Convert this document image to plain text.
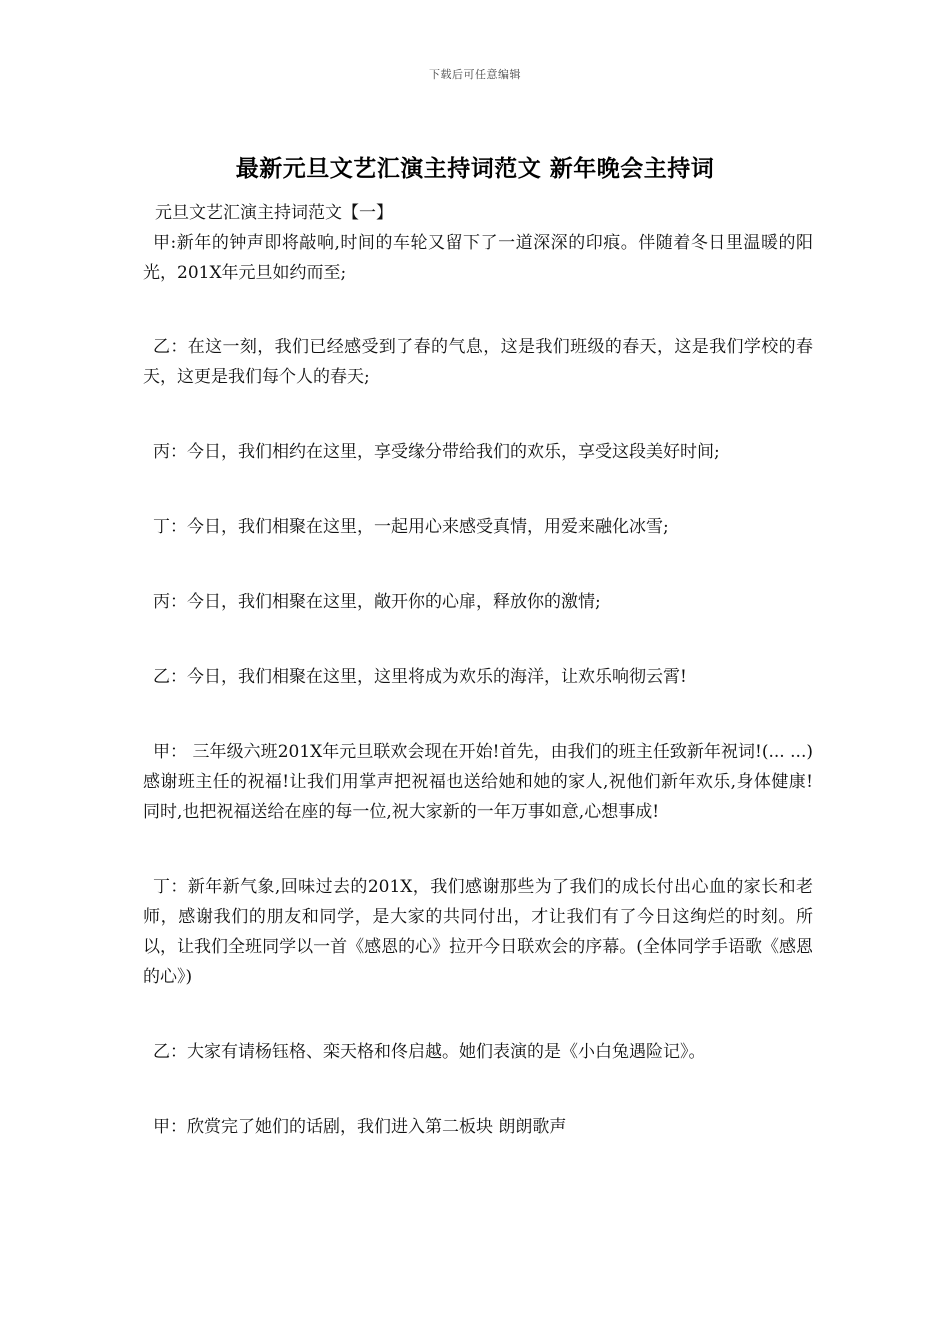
下载后可任意编辑
最新元旦文艺汇演主持词范文 新年晚会主持词

元旦文艺汇演主持词范文【一】

甲:新年的钟声即将敲响,时间的车轮又留下了一道深深的印痕。伴随着冬日里温暖的阳光，201X年元旦如约而至;

乙：在这一刻，我们已经感受到了春的气息，这是我们班级的春天，这是我们学校的春天，这更是我们每个人的春天;

丙：今日，我们相约在这里，享受缘分带给我们的欢乐，享受这段美好时间;

丁：今日，我们相聚在这里，一起用心来感受真情，用爱来融化冰雪;

丙：今日，我们相聚在这里，敞开你的心扉，释放你的激情;

乙：今日，我们相聚在这里，这里将成为欢乐的海洋，让欢乐响彻云霄!

甲： 三年级六班201X年元旦联欢会现在开始!首先，由我们的班主任致新年祝词!(... ...)感谢班主任的祝福!让我们用掌声把祝福也送给她和她的家人,祝他们新年欢乐,身体健康!同时,也把祝福送给在座的每一位,祝大家新的一年万事如意,心想事成!

丁：新年新气象,回味过去的201X，我们感谢那些为了我们的成长付出心血的家长和老师，感谢我们的朋友和同学，是大家的共同付出，才让我们有了今日这绚烂的时刻。所以，让我们全班同学以一首《感恩的心》拉开今日联欢会的序幕。(全体同学手语歌《感恩的心》)

乙：大家有请杨钰格、栾天格和佟启越。她们表演的是《小白兔遇险记》。

甲：欣赏完了她们的话剧，我们进入第二板块 朗朗歌声
